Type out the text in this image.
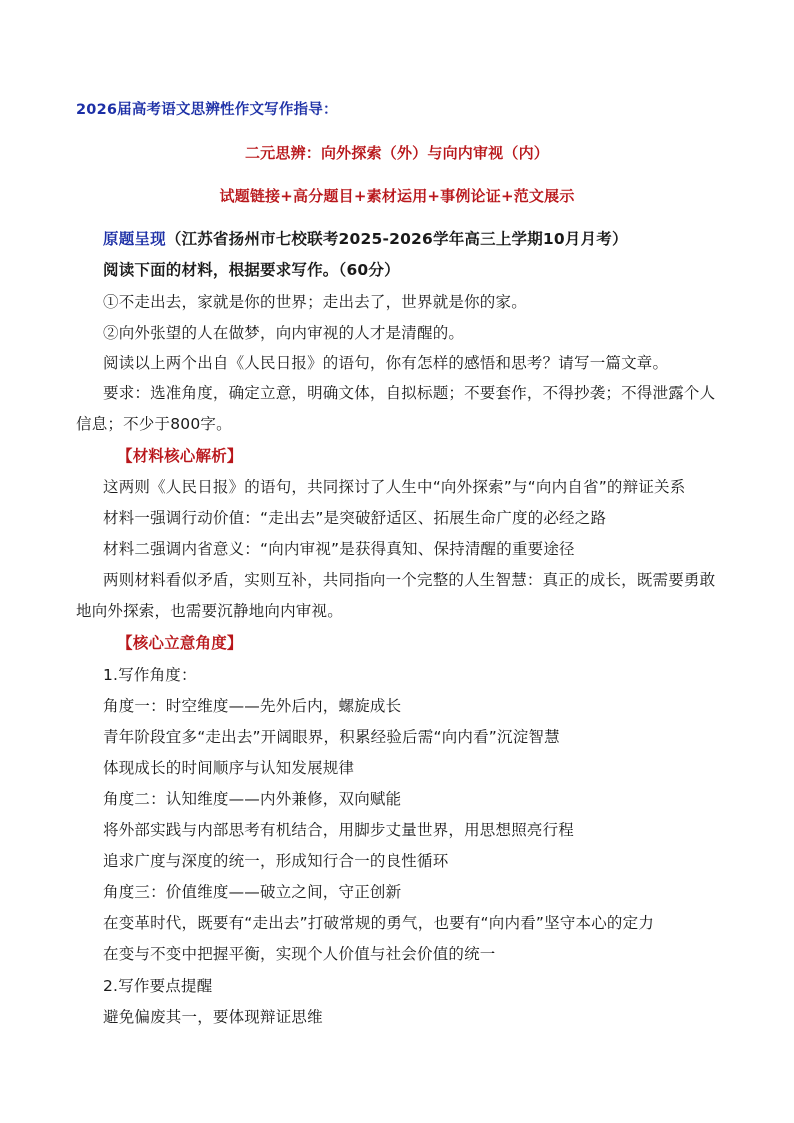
2026届高考语文思辨性作文写作指导：

二元思辨：向外探索（外）与向内审视（内）

试题链接+高分题目+素材运用+事例论证+范文展示

原题呈现（江苏省扬州市七校联考2025-2026学年高三上学期10月月考）

阅读下面的材料，根据要求写作。（60分）

①不走出去，家就是你的世界；走出去了，世界就是你的家。

②向外张望的人在做梦，向内审视的人才是清醒的。

阅读以上两个出自《人民日报》的语句，你有怎样的感悟和思考？请写一篇文章。

要求：选准角度，确定立意，明确文体，自拟标题；不要套作，不得抄袭；不得泄露个人

信息；不少于800字。

【材料核心解析】

这两则《人民日报》的语句，共同探讨了人生中“向外探索”与“向内自省”的辩证关系

材料一强调行动价值：“走出去”是突破舒适区、拓展生命广度的必经之路

材料二强调内省意义：“向内审视”是获得真知、保持清醒的重要途径

两则材料看似矛盾，实则互补，共同指向一个完整的人生智慧：真正的成长，既需要勇敢

地向外探索，也需要沉静地向内审视。

【核心立意角度】

1.写作角度：

角度一：时空维度——先外后内，螺旋成长

青年阶段宜多“走出去”开阔眼界，积累经验后需“向内看”沉淀智慧

体现成长的时间顺序与认知发展规律

角度二：认知维度——内外兼修，双向赋能

将外部实践与内部思考有机结合，用脚步丈量世界，用思想照亮行程

追求广度与深度的统一，形成知行合一的良性循环

角度三：价值维度——破立之间，守正创新

在变革时代，既要有“走出去”打破常规的勇气，也要有“向内看”坚守本心的定力

在变与不变中把握平衡，实现个人价值与社会价值的统一

2.写作要点提醒

避免偏废其一，要体现辩证思维
